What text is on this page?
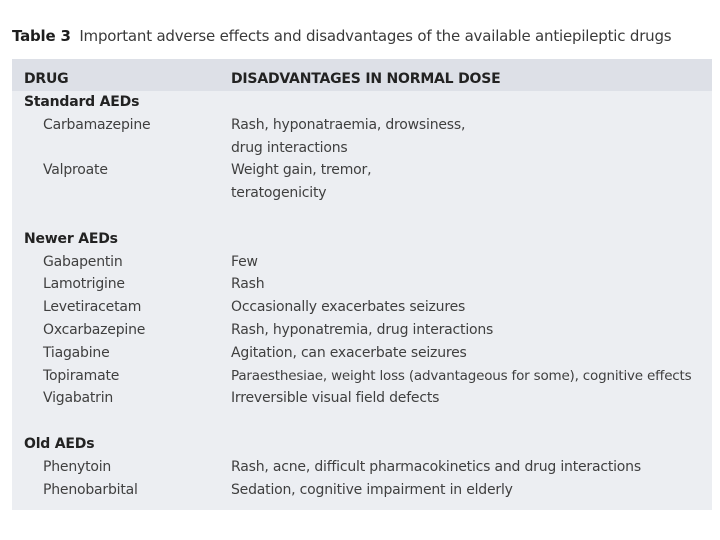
Table 3 Important adverse effects and disadvantages of the available antiepileptic drugs
DRUG	DISADVANTAGES IN NORMAL DOSE
Standard AEDs
Carbamazepine	Rash, hyponatraemia, drowsiness,
drug interactions
Valproate	Weight gain, tremor,
teratogenicity
Newer AEDs
Gabapentin	Few
Lamotrigine	Rash
Levetiracetam	Occasionally exacerbates seizures
Oxcarbazepine	Rash, hyponatremia, drug interactions
Tiagabine	Agitation, can exacerbate seizures
Topiramate	Paraesthesiae, weight loss (advantageous for some), cognitive effects
Vigabatrin	Irreversible visual field defects
Old AEDs
Phenytoin	Rash, acne, difficult pharmacokinetics and drug interactions
Phenobarbital	Sedation, cognitive impairment in elderly
